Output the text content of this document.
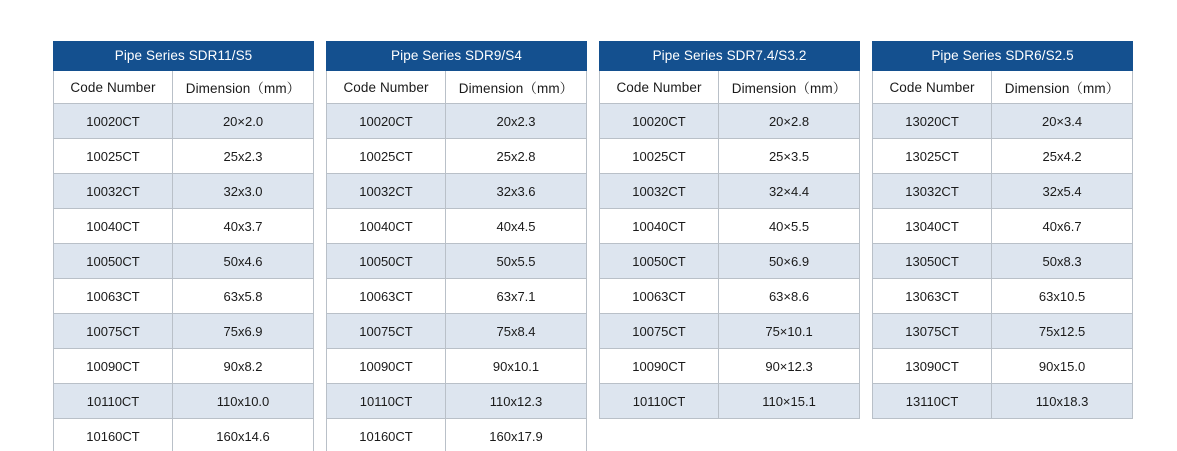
Pipe Series SDR11/S5	
Code Number	Dimension（mm）
10020CT	20×2.0
10025CT	25x2.3
10032CT	32x3.0
10040CT	40x3.7
10050CT	50x4.6
10063CT	63x5.8
10075CT	75x6.9
10090CT	90x8.2
10110CT	110x10.0
10160CT	160x14.6
Pipe Series SDR9/S4	
Code Number	Dimension（mm）
10020CT	20x2.3
10025CT	25x2.8
10032CT	32x3.6
10040CT	40x4.5
10050CT	50x5.5
10063CT	63x7.1
10075CT	75x8.4
10090CT	90x10.1
10110CT	110x12.3
10160CT	160x17.9
Pipe Series SDR7.4/S3.2	
Code Number	Dimension（mm）
10020CT	20×2.8
10025CT	25×3.5
10032CT	32×4.4
10040CT	40×5.5
10050CT	50×6.9
10063CT	63×8.6
10075CT	75×10.1
10090CT	90×12.3
10110CT	110×15.1
Pipe Series SDR6/S2.5	
Code Number	Dimension（mm）
13020CT	20×3.4
13025CT	25x4.2
13032CT	32x5.4
13040CT	40x6.7
13050CT	50x8.3
13063CT	63x10.5
13075CT	75x12.5
13090CT	90x15.0
13110CT	110x18.3
